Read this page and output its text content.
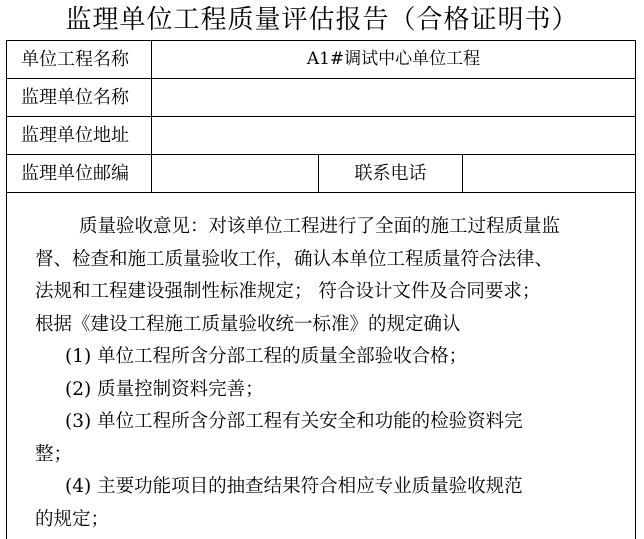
监理单位工程质量评估报告（合格证明书）
单位工程名称	A1#调试中心单位工程
监理单位名称
监理单位地址
监理单位邮编	联系电话
质量验收意见：对该单位工程进行了全面的施工过程质量监
督、检查和施工质量验收工作，确认本单位工程质量符合法律、
法规和工程建设强制性标准规定； 符合设计文件及合同要求；
根据《建设工程施工质量验收统一标准》的规定确认
(1) 单位工程所含分部工程的质量全部验收合格；
(2) 质量控制资料完善；
(3) 单位工程所含分部工程有关安全和功能的检验资料完
整；
(4) 主要功能项目的抽查结果符合相应专业质量验收规范
的规定；
